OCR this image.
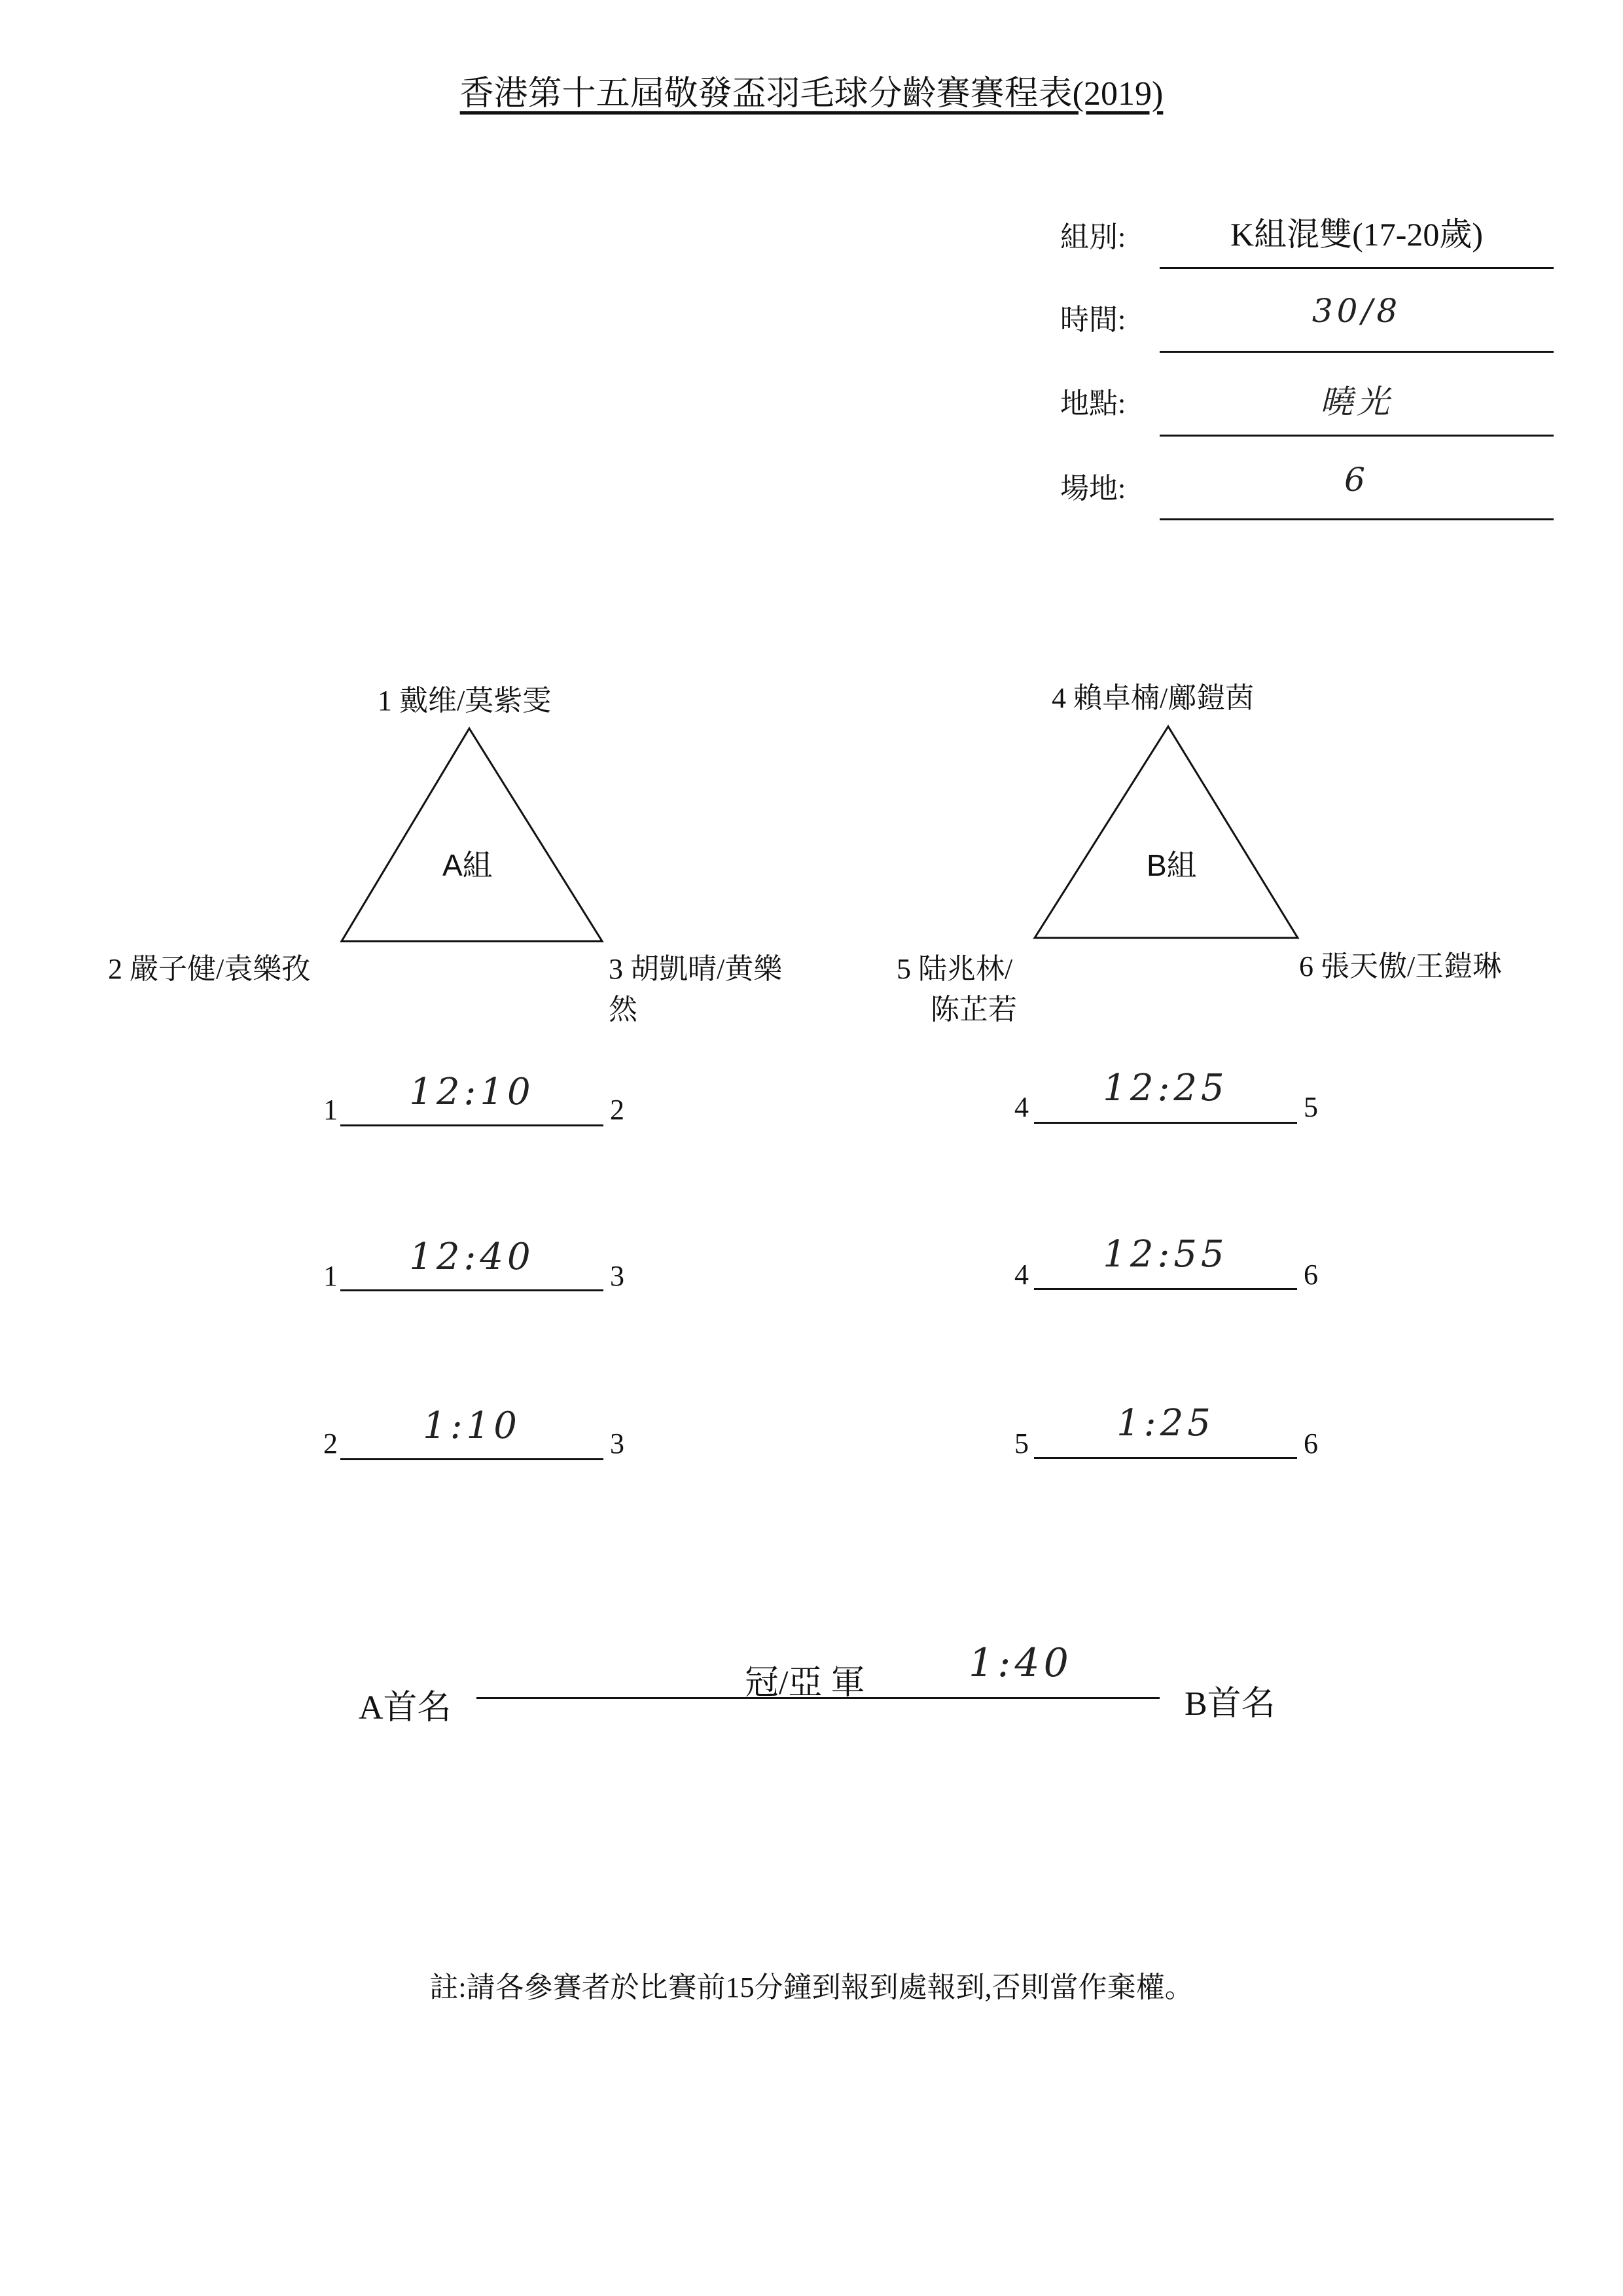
香港第十五屆敬發盃羽毛球分齡賽賽程表(2019)
組別:	K組混雙(17-20歲)
時間:	30/8
地點:	曉光
場地:	6
A組
1 戴维/莫紫雯
2 嚴子健/袁樂孜	3 胡凱晴/黄樂
然
B組
4 賴卓楠/鄺鎧茵
5 陆兆林/
陈芷若
6 張天傲/王鎧琳
1	12:10	2
1	12:40	3
2	1:10	3
4	12:25	5
4	12:55	6
5	1:25	6
A首名
冠/亞 軍	1:40
B首名
註:請各參賽者於比賽前15分鐘到報到處報到,否則當作棄權。
